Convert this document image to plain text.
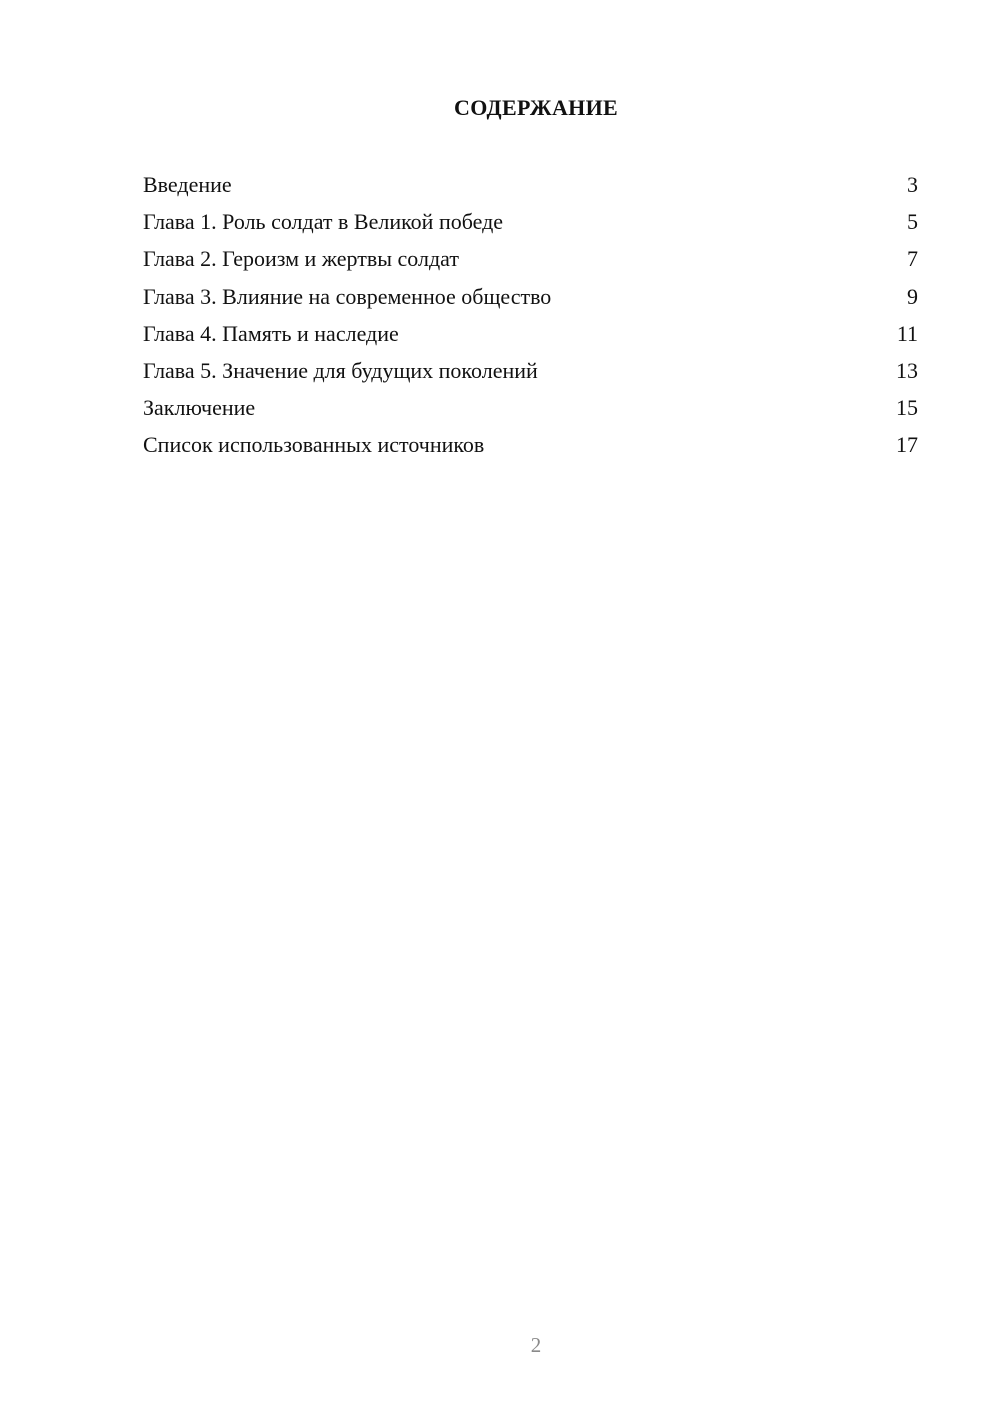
СОДЕРЖАНИЕ
Введение	3
Глава 1. Роль солдат в Великой победе	5
Глава 2. Героизм и жертвы солдат	7
Глава 3. Влияние на современное общество	9
Глава 4. Память и наследие	11
Глава 5. Значение для будущих поколений	13
Заключение	15
Список использованных источников	17
2
